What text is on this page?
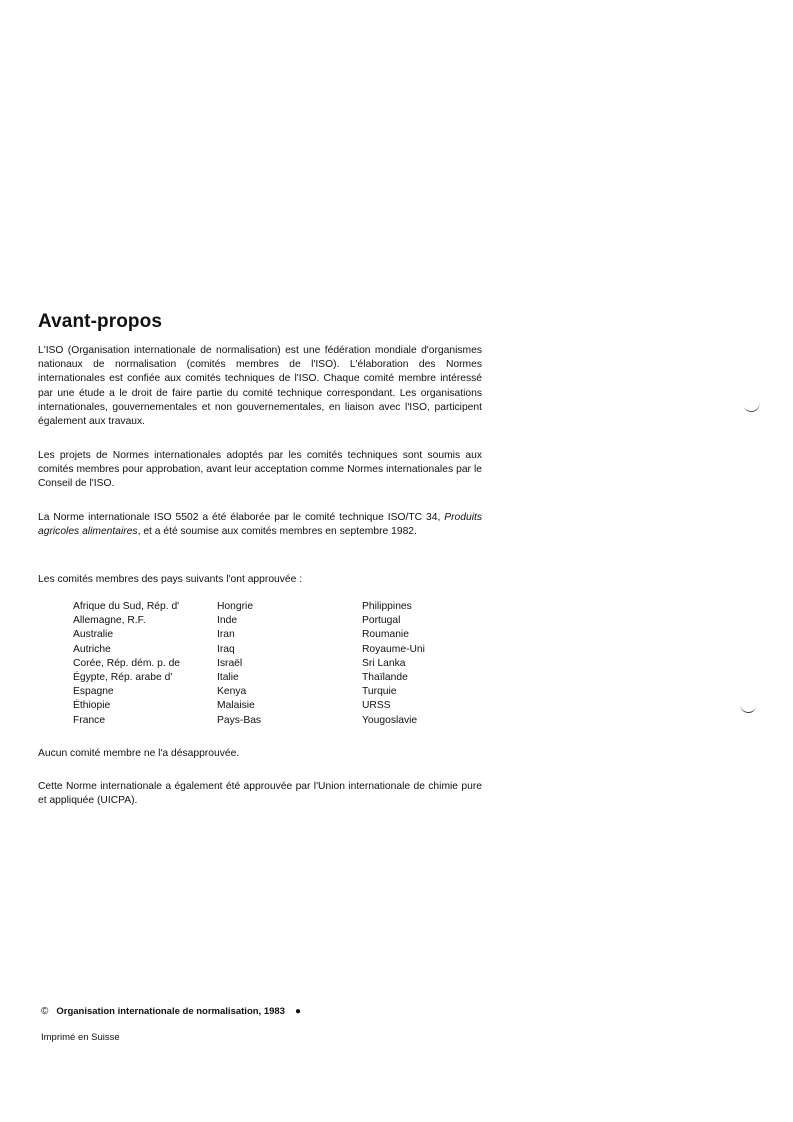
Avant-propos

L'ISO (Organisation internationale de normalisation) est une fédération mondiale d'organismes nationaux de normalisation (comités membres de l'ISO). L'élaboration des Normes internationales est confiée aux comités techniques de l'ISO. Chaque comité membre intéressé par une étude a le droit de faire partie du comité technique correspondant. Les organisations internationales, gouvernementales et non gouvernementales, en liaison avec l'ISO, participent également aux travaux.

Les projets de Normes internationales adoptés par les comités techniques sont soumis aux comités membres pour approbation, avant leur acceptation comme Normes internationales par le Conseil de l'ISO.

La Norme internationale ISO 5502 a été élaborée par le comité technique ISO/TC 34, Produits agricoles alimentaires, et a été soumise aux comités membres en septembre 1982.

Les comités membres des pays suivants l'ont approuvée :

Afrique du Sud, Rép. d'
Allemagne, R.F.
Australie
Autriche
Corée, Rép. dém. p. de
Égypte, Rép. arabe d'
Espagne
Éthiopie
France
Hongrie
Inde
Iran
Iraq
Israël
Italie
Kenya
Malaisie
Pays-Bas
Philippines
Portugal
Roumanie
Royaume-Uni
Sri Lanka
Thaïlande
Turquie
URSS
Yougoslavie

Aucun comité membre ne l'a désapprouvée.

Cette Norme internationale a également été approuvée par l'Union internationale de chimie pure et appliquée (UICPA).

© Organisation internationale de normalisation, 1983 ●
Imprimé en Suisse
